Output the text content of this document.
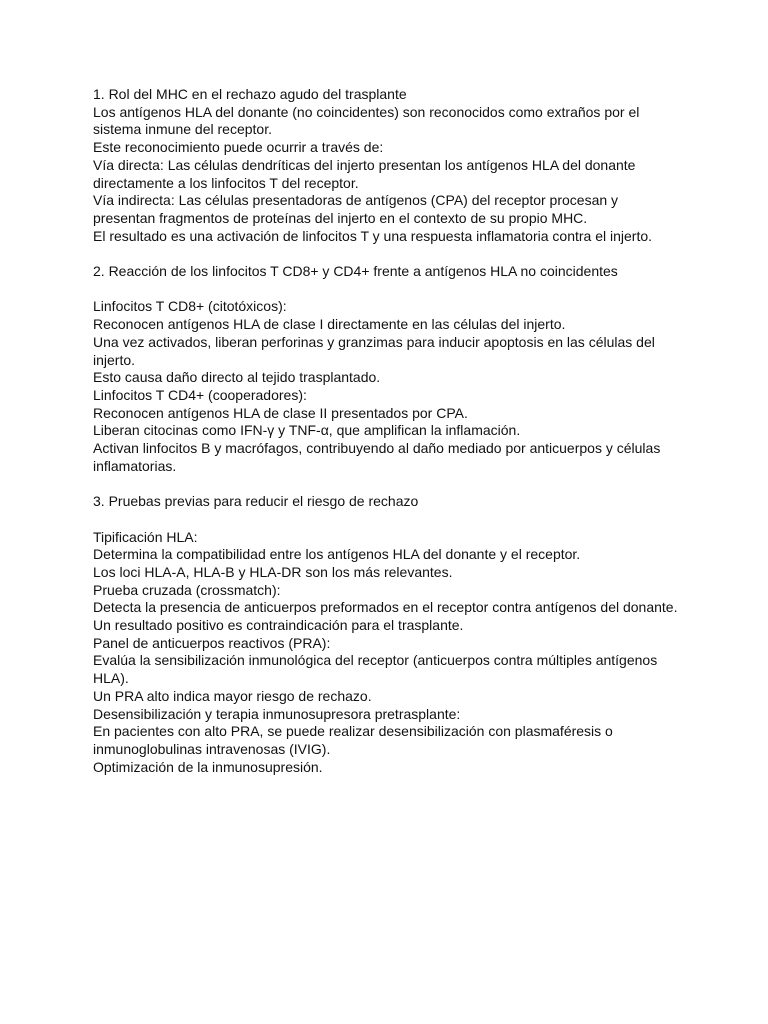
1. Rol del MHC en el rechazo agudo del trasplante

Los antígenos HLA del donante (no coincidentes) son reconocidos como extraños por el sistema inmune del receptor.

Este reconocimiento puede ocurrir a través de:

Vía directa: Las células dendríticas del injerto presentan los antígenos HLA del donante directamente a los linfocitos T del receptor.

Vía indirecta: Las células presentadoras de antígenos (CPA) del receptor procesan y presentan fragmentos de proteínas del injerto en el contexto de su propio MHC.

El resultado es una activación de linfocitos T y una respuesta inflamatoria contra el injerto.

2. Reacción de los linfocitos T CD8+ y CD4+ frente a antígenos HLA no coincidentes

Linfocitos T CD8+ (citotóxicos):

Reconocen antígenos HLA de clase I directamente en las células del injerto.

Una vez activados, liberan perforinas y granzimas para inducir apoptosis en las células del injerto.

Esto causa daño directo al tejido trasplantado.

Linfocitos T CD4+ (cooperadores):

Reconocen antígenos HLA de clase II presentados por CPA.

Liberan citocinas como IFN-γ y TNF-α, que amplifican la inflamación.

Activan linfocitos B y macrófagos, contribuyendo al daño mediado por anticuerpos y células inflamatorias.

3. Pruebas previas para reducir el riesgo de rechazo

Tipificación HLA:

Determina la compatibilidad entre los antígenos HLA del donante y el receptor.

Los loci HLA-A, HLA-B y HLA-DR son los más relevantes.

Prueba cruzada (crossmatch):

Detecta la presencia de anticuerpos preformados en el receptor contra antígenos del donante.

Un resultado positivo es contraindicación para el trasplante.

Panel de anticuerpos reactivos (PRA):

Evalúa la sensibilización inmunológica del receptor (anticuerpos contra múltiples antígenos HLA).

Un PRA alto indica mayor riesgo de rechazo.

Desensibilización y terapia inmunosupresora pretrasplante:

En pacientes con alto PRA, se puede realizar desensibilización con plasmaféresis o inmunoglobulinas intravenosas (IVIG).

Optimización de la inmunosupresión.
